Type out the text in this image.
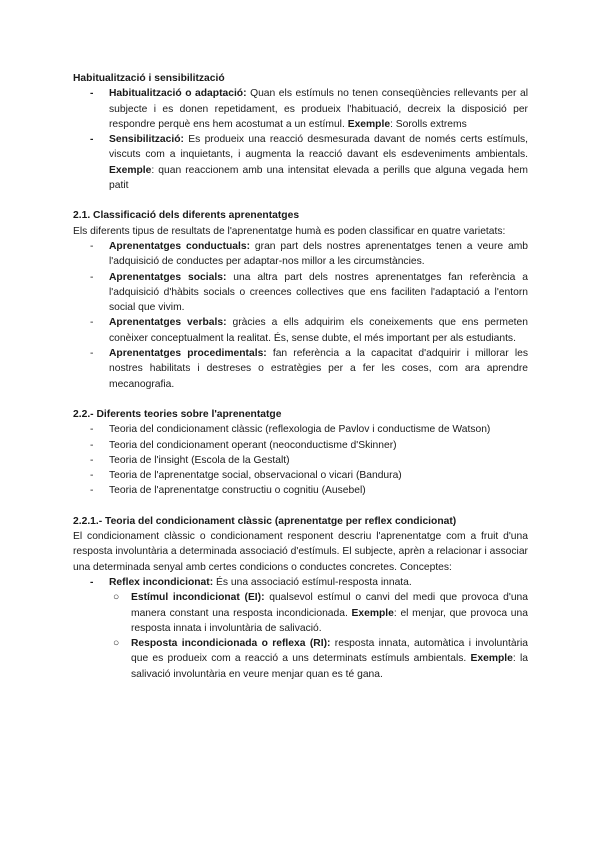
Habitualització i sensibilització

- Habitualització o adaptació: Quan els estímuls no tenen conseqüències rellevants per al subjecte i es donen repetidament, es produeix l'habituació, decreix la disposició per respondre perquè ens hem acostumat a un estímul. Exemple: Sorolls extrems
- Sensibilització: Es produeix una reacció desmesurada davant de només certs estímuls, viscuts com a inquietants, i augmenta la reacció davant els esdeveniments ambientals. Exemple: quan reaccionem amb una intensitat elevada a perills que alguna vegada hem patit

2.1. Classificació dels diferents aprenentatges

Els diferents tipus de resultats de l'aprenentatge humà es poden classificar en quatre varietats:

- Aprenentatges conductuals: gran part dels nostres aprenentatges tenen a veure amb l'adquisició de conductes per adaptar-nos millor a les circumstàncies.
- Aprenentatges socials: una altra part dels nostres aprenentatges fan referència a l'adquisició d'hàbits socials o creences collectives que ens faciliten l'adaptació a l'entorn social que vivim.
- Aprenentatges verbals: gràcies a ells adquirim els coneixements que ens permeten conèixer conceptualment la realitat. És, sense dubte, el més important per als estudiants.
- Aprenentatges procedimentals: fan referència a la capacitat d'adquirir i millorar les nostres habilitats i destreses o estratègies per a fer les coses, com ara aprendre mecanografia.

2.2.- Diferents teories sobre l'aprenentatge

- Teoria del condicionament clàssic (reflexologia de Pavlov i conductisme de Watson)
- Teoria del condicionament operant (neoconductisme d'Skinner)
- Teoria de l'insight (Escola de la Gestalt)
- Teoria de l'aprenentatge social, observacional o vicari (Bandura)
- Teoria de l'aprenentatge constructiu o cognitiu (Ausebel)

2.2.1.- Teoria del condicionament clàssic (aprenentatge per reflex condicionat)

El condicionament clàssic o condicionament responent descriu l'aprenentatge com a fruit d'una resposta involuntària a determinada associació d'estímuls. El subjecte, aprèn a relacionar i associar una determinada senyal amb certes condicions o conductes concretes. Conceptes:

- Reflex incondicionat: És una associació estímul-resposta innata.
○ Estímul incondicionat (EI): qualsevol estímul o canvi del medi que provoca d'una manera constant una resposta incondicionada. Exemple: el menjar, que provoca una resposta innata i involuntària de salivació.
○ Resposta incondicionada o reflexa (RI): resposta innata, automàtica i involuntària que es produeix com a reacció a uns determinats estímuls ambientals. Exemple: la salivació involuntària en veure menjar quan es té gana.
